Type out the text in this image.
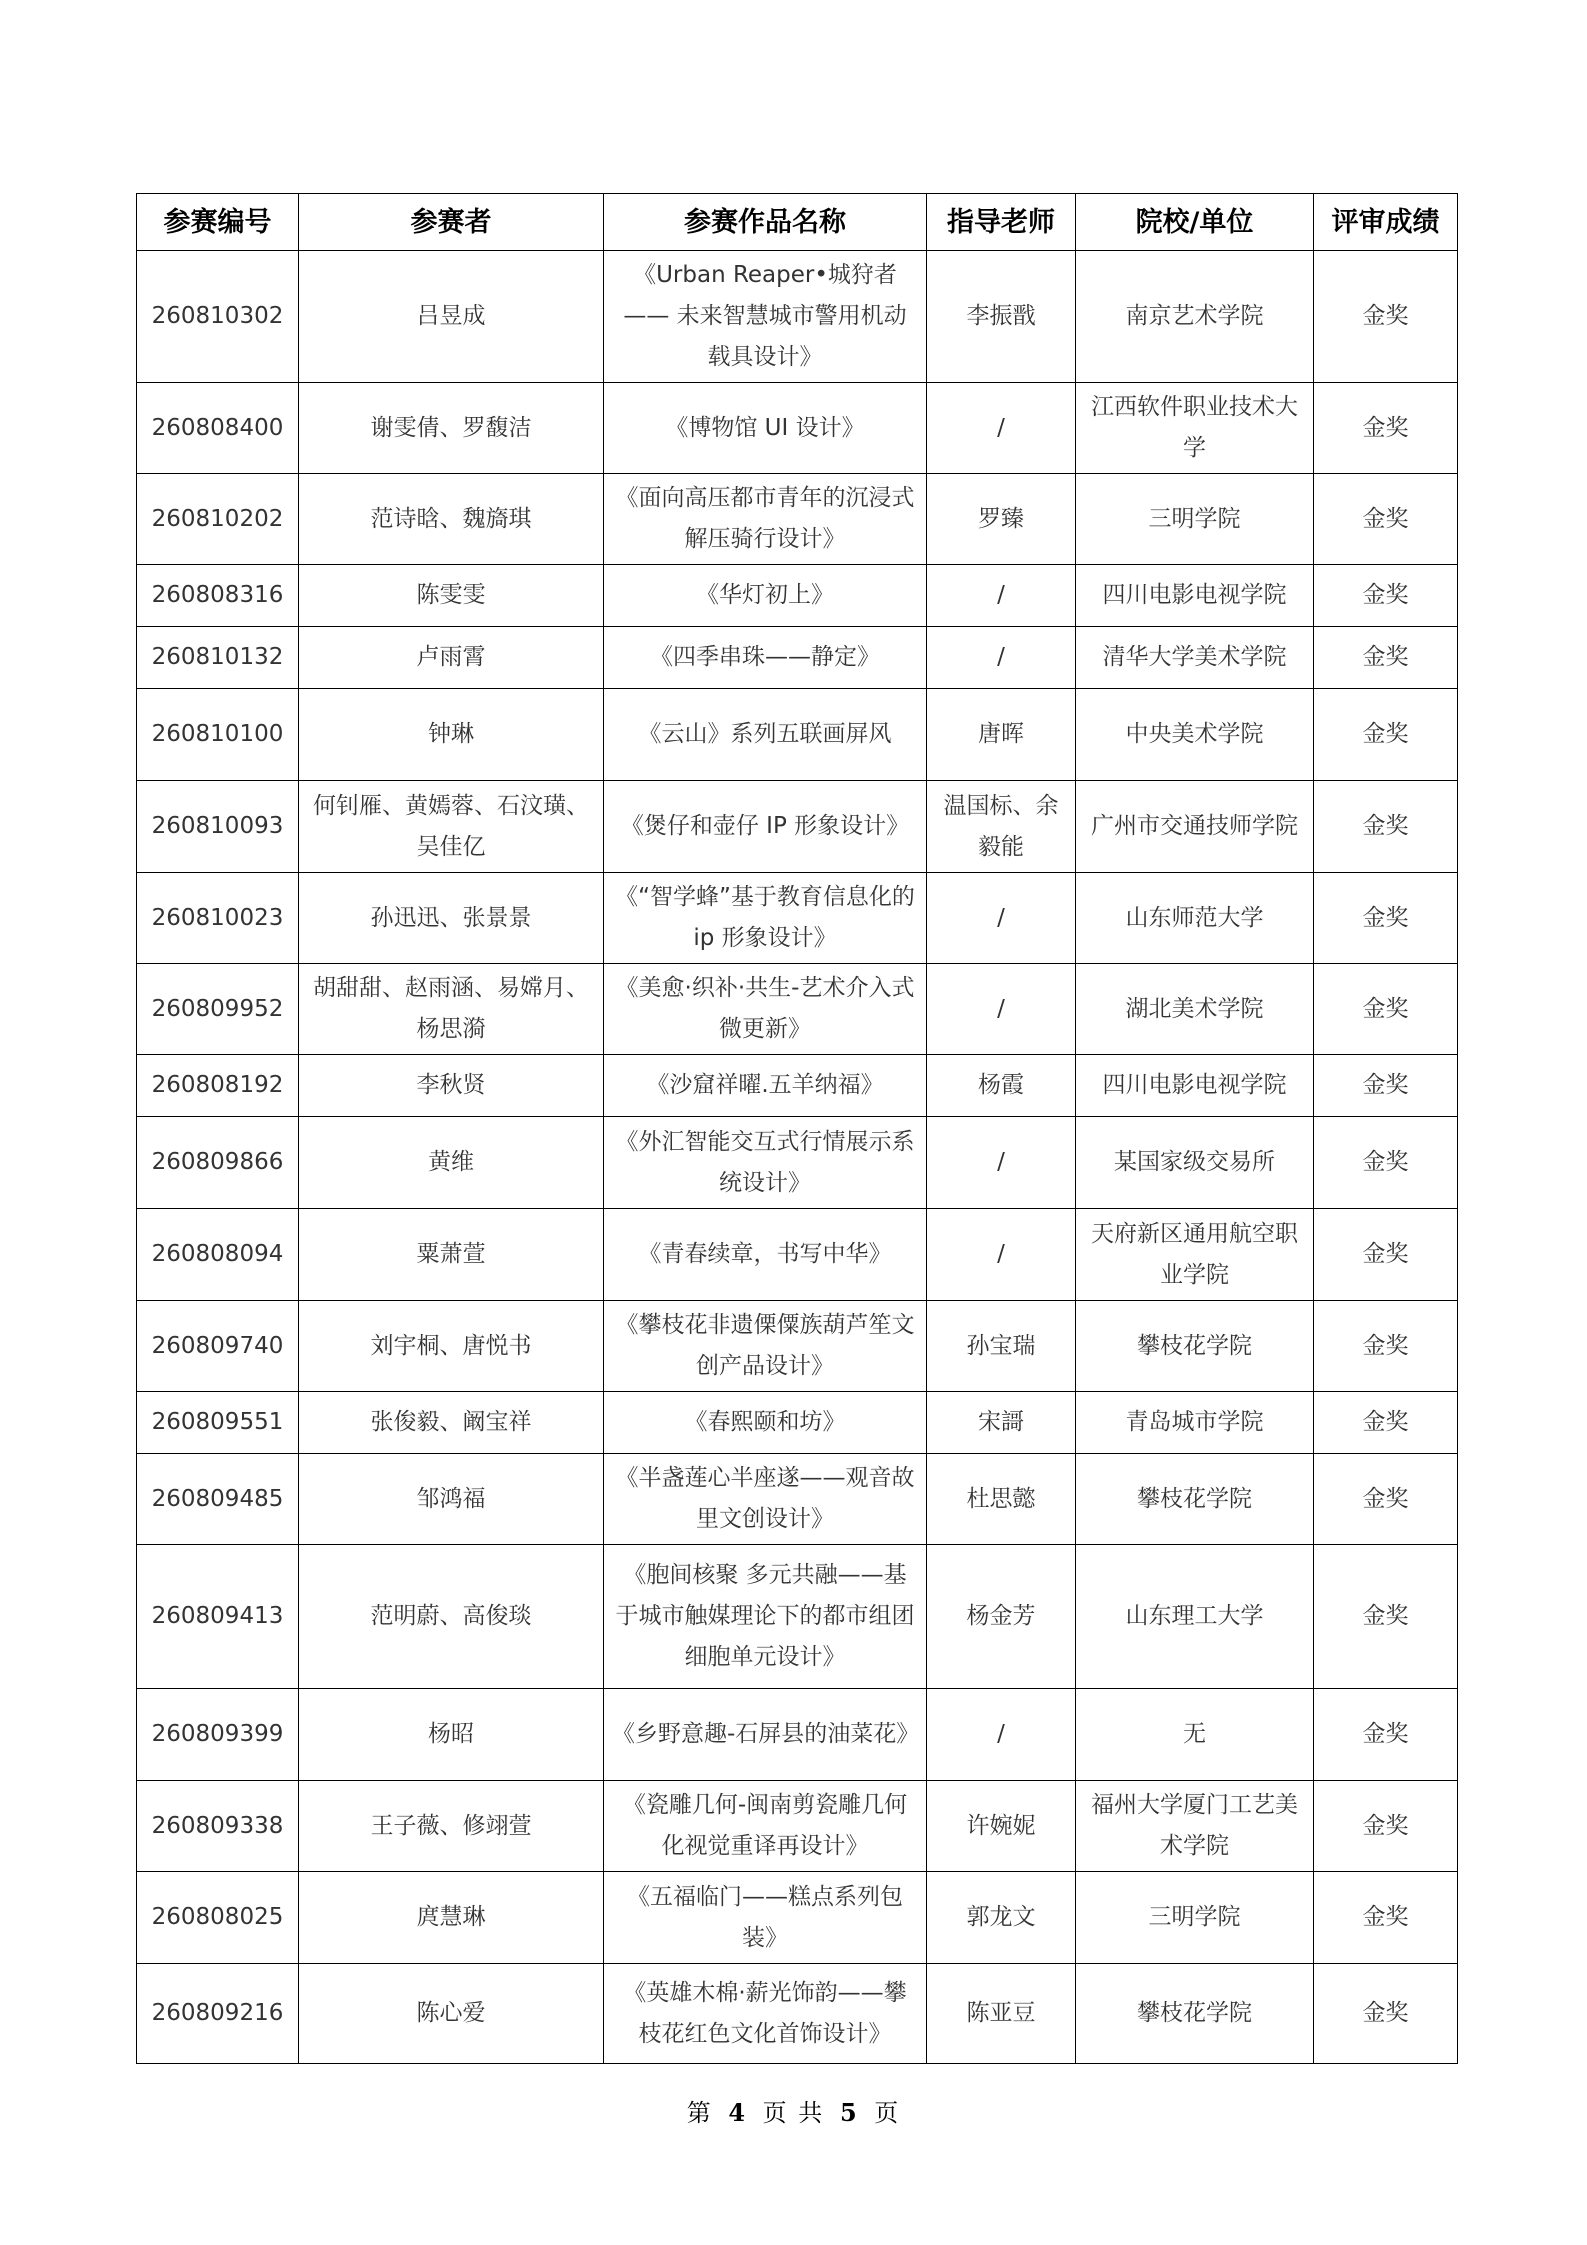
参赛编号	参赛者	参赛作品名称	指导老师	院校/单位	评审成绩
260810302	吕昱成	《Urban Reaper•城狩者 —— 未来智慧城市警用机动载具设计》	李振戬	南京艺术学院	金奖
260808400	谢雯倩、罗馥洁	《博物馆 UI 设计》	/	江西软件职业技术大学	金奖
260810202	范诗晗、魏旖琪	《面向高压都市青年的沉浸式解压骑行设计》	罗臻	三明学院	金奖
260808316	陈雯雯	《华灯初上》	/	四川电影电视学院	金奖
260810132	卢雨霄	《四季串珠——静定》	/	清华大学美术学院	金奖
260810100	钟琳	《云山》系列五联画屏风	唐晖	中央美术学院	金奖
260810093	何钊雁、黄嫣蓉、石汶璜、吴佳亿	《煲仔和壶仔 IP 形象设计》	温国标、余毅能	广州市交通技师学院	金奖
260810023	孙迅迅、张景景	《“智学蜂”基于教育信息化的 ip 形象设计》	/	山东师范大学	金奖
260809952	胡甜甜、赵雨涵、易嫦月、杨思漪	《美愈·织补·共生-艺术介入式微更新》	/	湖北美术学院	金奖
260808192	李秋贤	《沙窟祥曜.五羊纳福》	杨霞	四川电影电视学院	金奖
260809866	黄维	《外汇智能交互式行情展示系统设计》	/	某国家级交易所	金奖
260808094	粟萧萱	《青春续章，书写中华》	/	天府新区通用航空职业学院	金奖
260809740	刘宇桐、唐悦书	《攀枝花非遗傈僳族葫芦笙文创产品设计》	孙宝瑞	攀枝花学院	金奖
260809551	张俊毅、阚宝祥	《春熙颐和坊》	宋謌	青岛城市学院	金奖
260809485	邹鸿福	《半盏莲心半座遂——观音故里文创设计》	杜思懿	攀枝花学院	金奖
260809413	范明蔚、高俊琰	《胞间核聚 多元共融——基于城市触媒理论下的都市组团细胞单元设计》	杨金芳	山东理工大学	金奖
260809399	杨昭	《乡野意趣-石屏县的油菜花》	/	无	金奖
260809338	王子薇、修翊萱	《瓷雕几何-闽南剪瓷雕几何化视觉重译再设计》	许婉妮	福州大学厦门工艺美术学院	金奖
260808025	庹慧琳	《五福临门——糕点系列包装》	郭龙文	三明学院	金奖
260809216	陈心爱	《英雄木棉·薪光饰韵——攀枝花红色文化首饰设计》	陈亚豆	攀枝花学院	金奖
第 4 页 共 5 页
